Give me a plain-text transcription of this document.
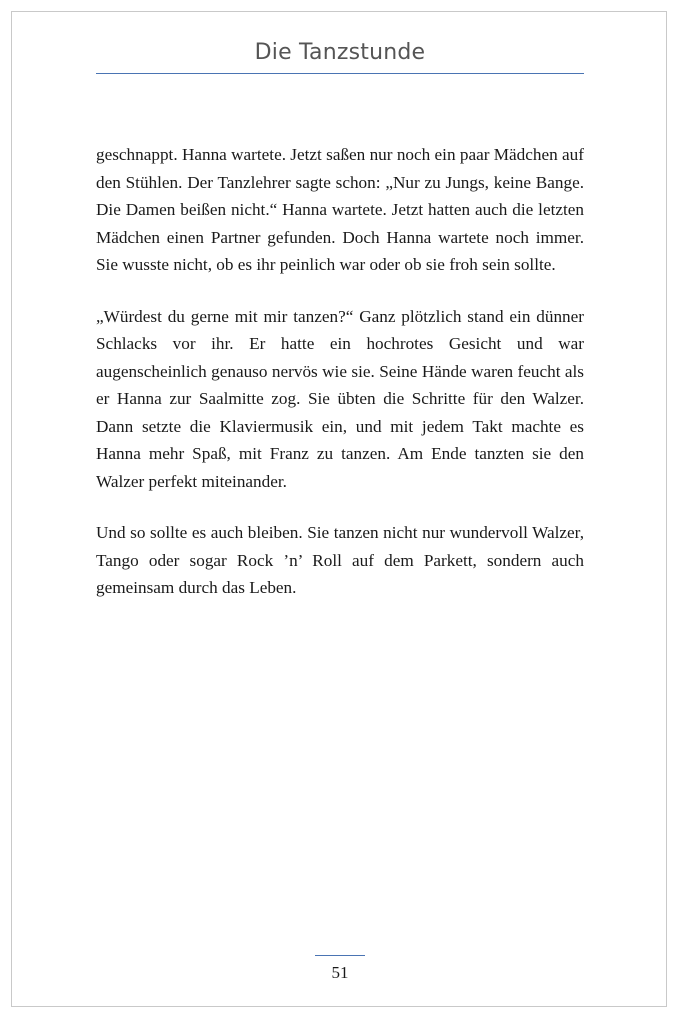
Die Tanzstunde

geschnappt. Hanna wartete. Jetzt saßen nur noch ein paar Mädchen auf den Stühlen. Der Tanzlehrer sagte schon: „Nur zu Jungs, keine Bange. Die Damen beißen nicht.“ Hanna wartete. Jetzt hatten auch die letzten Mädchen einen Partner gefunden. Doch Hanna wartete noch immer. Sie wusste nicht, ob es ihr peinlich war oder ob sie froh sein sollte.

„Würdest du gerne mit mir tanzen?“ Ganz plötzlich stand ein dünner Schlacks vor ihr. Er hatte ein hochrotes Gesicht und war augenscheinlich genauso nervös wie sie. Seine Hände waren feucht als er Hanna zur Saalmitte zog. Sie übten die Schritte für den Walzer. Dann setzte die Klaviermusik ein, und mit jedem Takt machte es Hanna mehr Spaß, mit Franz zu tanzen. Am Ende tanzten sie den Walzer perfekt miteinander.

Und so sollte es auch bleiben. Sie tanzen nicht nur wundervoll Walzer, Tango oder sogar Rock ’n’ Roll auf dem Parkett, sondern auch gemeinsam durch das Leben.

51
